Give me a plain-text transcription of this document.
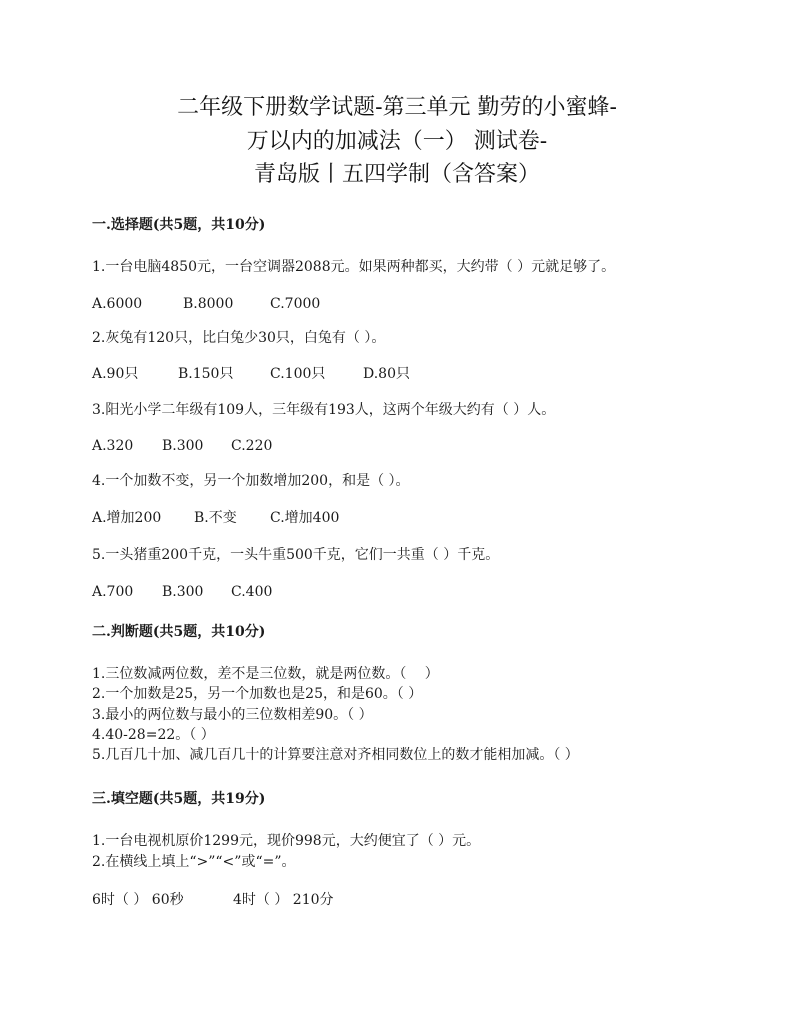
二年级下册数学试题-第三单元 勤劳的小蜜蜂-
万以内的加减法（一） 测试卷-
青岛版丨五四学制（含答案）
一.选择题(共5题，共10分)
1.一台电脑4850元，一台空调器2088元。如果两种都买，大约带（ ）元就足够了。
A.6000	B.8000	C.7000
2.灰兔有120只，比白兔少30只，白兔有（ ）。
A.90只	B.150只	C.100只	D.80只
3.阳光小学二年级有109人，三年级有193人，这两个年级大约有（ ）人。
A.320 B.300 C.220
4.一个加数不变，另一个加数增加200，和是（ ）。
A.增加200 B.不变 C.增加400
5.一头猪重200千克，一头牛重500千克，它们一共重（ ）千克。
A.700 B.300 C.400
二.判断题(共5题，共10分)
1.三位数减两位数，差不是三位数，就是两位数。（　 ）
2.一个加数是25，另一个加数也是25，和是60。（ ）
3.最小的两位数与最小的三位数相差90。（ ）
4.40-28=22。（ ）
5.几百几十加、减几百几十的计算要注意对齐相同数位上的数才能相加减。（ ）
三.填空题(共5题，共19分)
1.一台电视机原价1299元，现价998元，大约便宜了（ ）元。
2.在横线上填上“>”“<”或“=”。
6时（ ） 60秒	4时（ ） 210分
